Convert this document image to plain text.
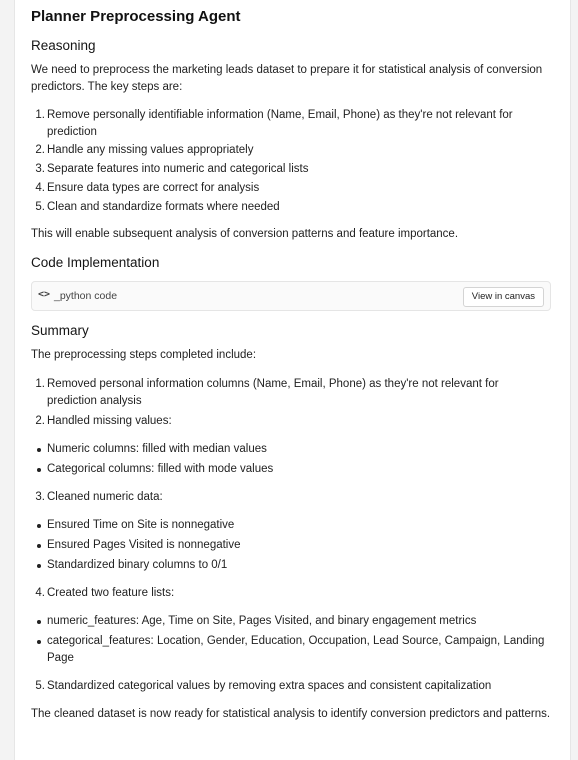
Planner Preprocessing Agent
Reasoning
We need to preprocess the marketing leads dataset to prepare it for statistical analysis of conversion predictors. The key steps are:
1. Remove personally identifiable information (Name, Email, Phone) as they're not relevant for prediction
2. Handle any missing values appropriately
3. Separate features into numeric and categorical lists
4. Ensure data types are correct for analysis
5. Clean and standardize formats where needed
This will enable subsequent analysis of conversion patterns and feature importance.
Code Implementation
<> _python code	View in canvas
Summary
The preprocessing steps completed include:
1. Removed personal information columns (Name, Email, Phone) as they're not relevant for prediction analysis
2. Handled missing values:
Numeric columns: filled with median values
Categorical columns: filled with mode values
3. Cleaned numeric data:
Ensured Time on Site is nonnegative
Ensured Pages Visited is nonnegative
Standardized binary columns to 0/1
4. Created two feature lists:
numeric_features: Age, Time on Site, Pages Visited, and binary engagement metrics
categorical_features: Location, Gender, Education, Occupation, Lead Source, Campaign, Landing Page
5. Standardized categorical values by removing extra spaces and consistent capitalization
The cleaned dataset is now ready for statistical analysis to identify conversion predictors and patterns.
